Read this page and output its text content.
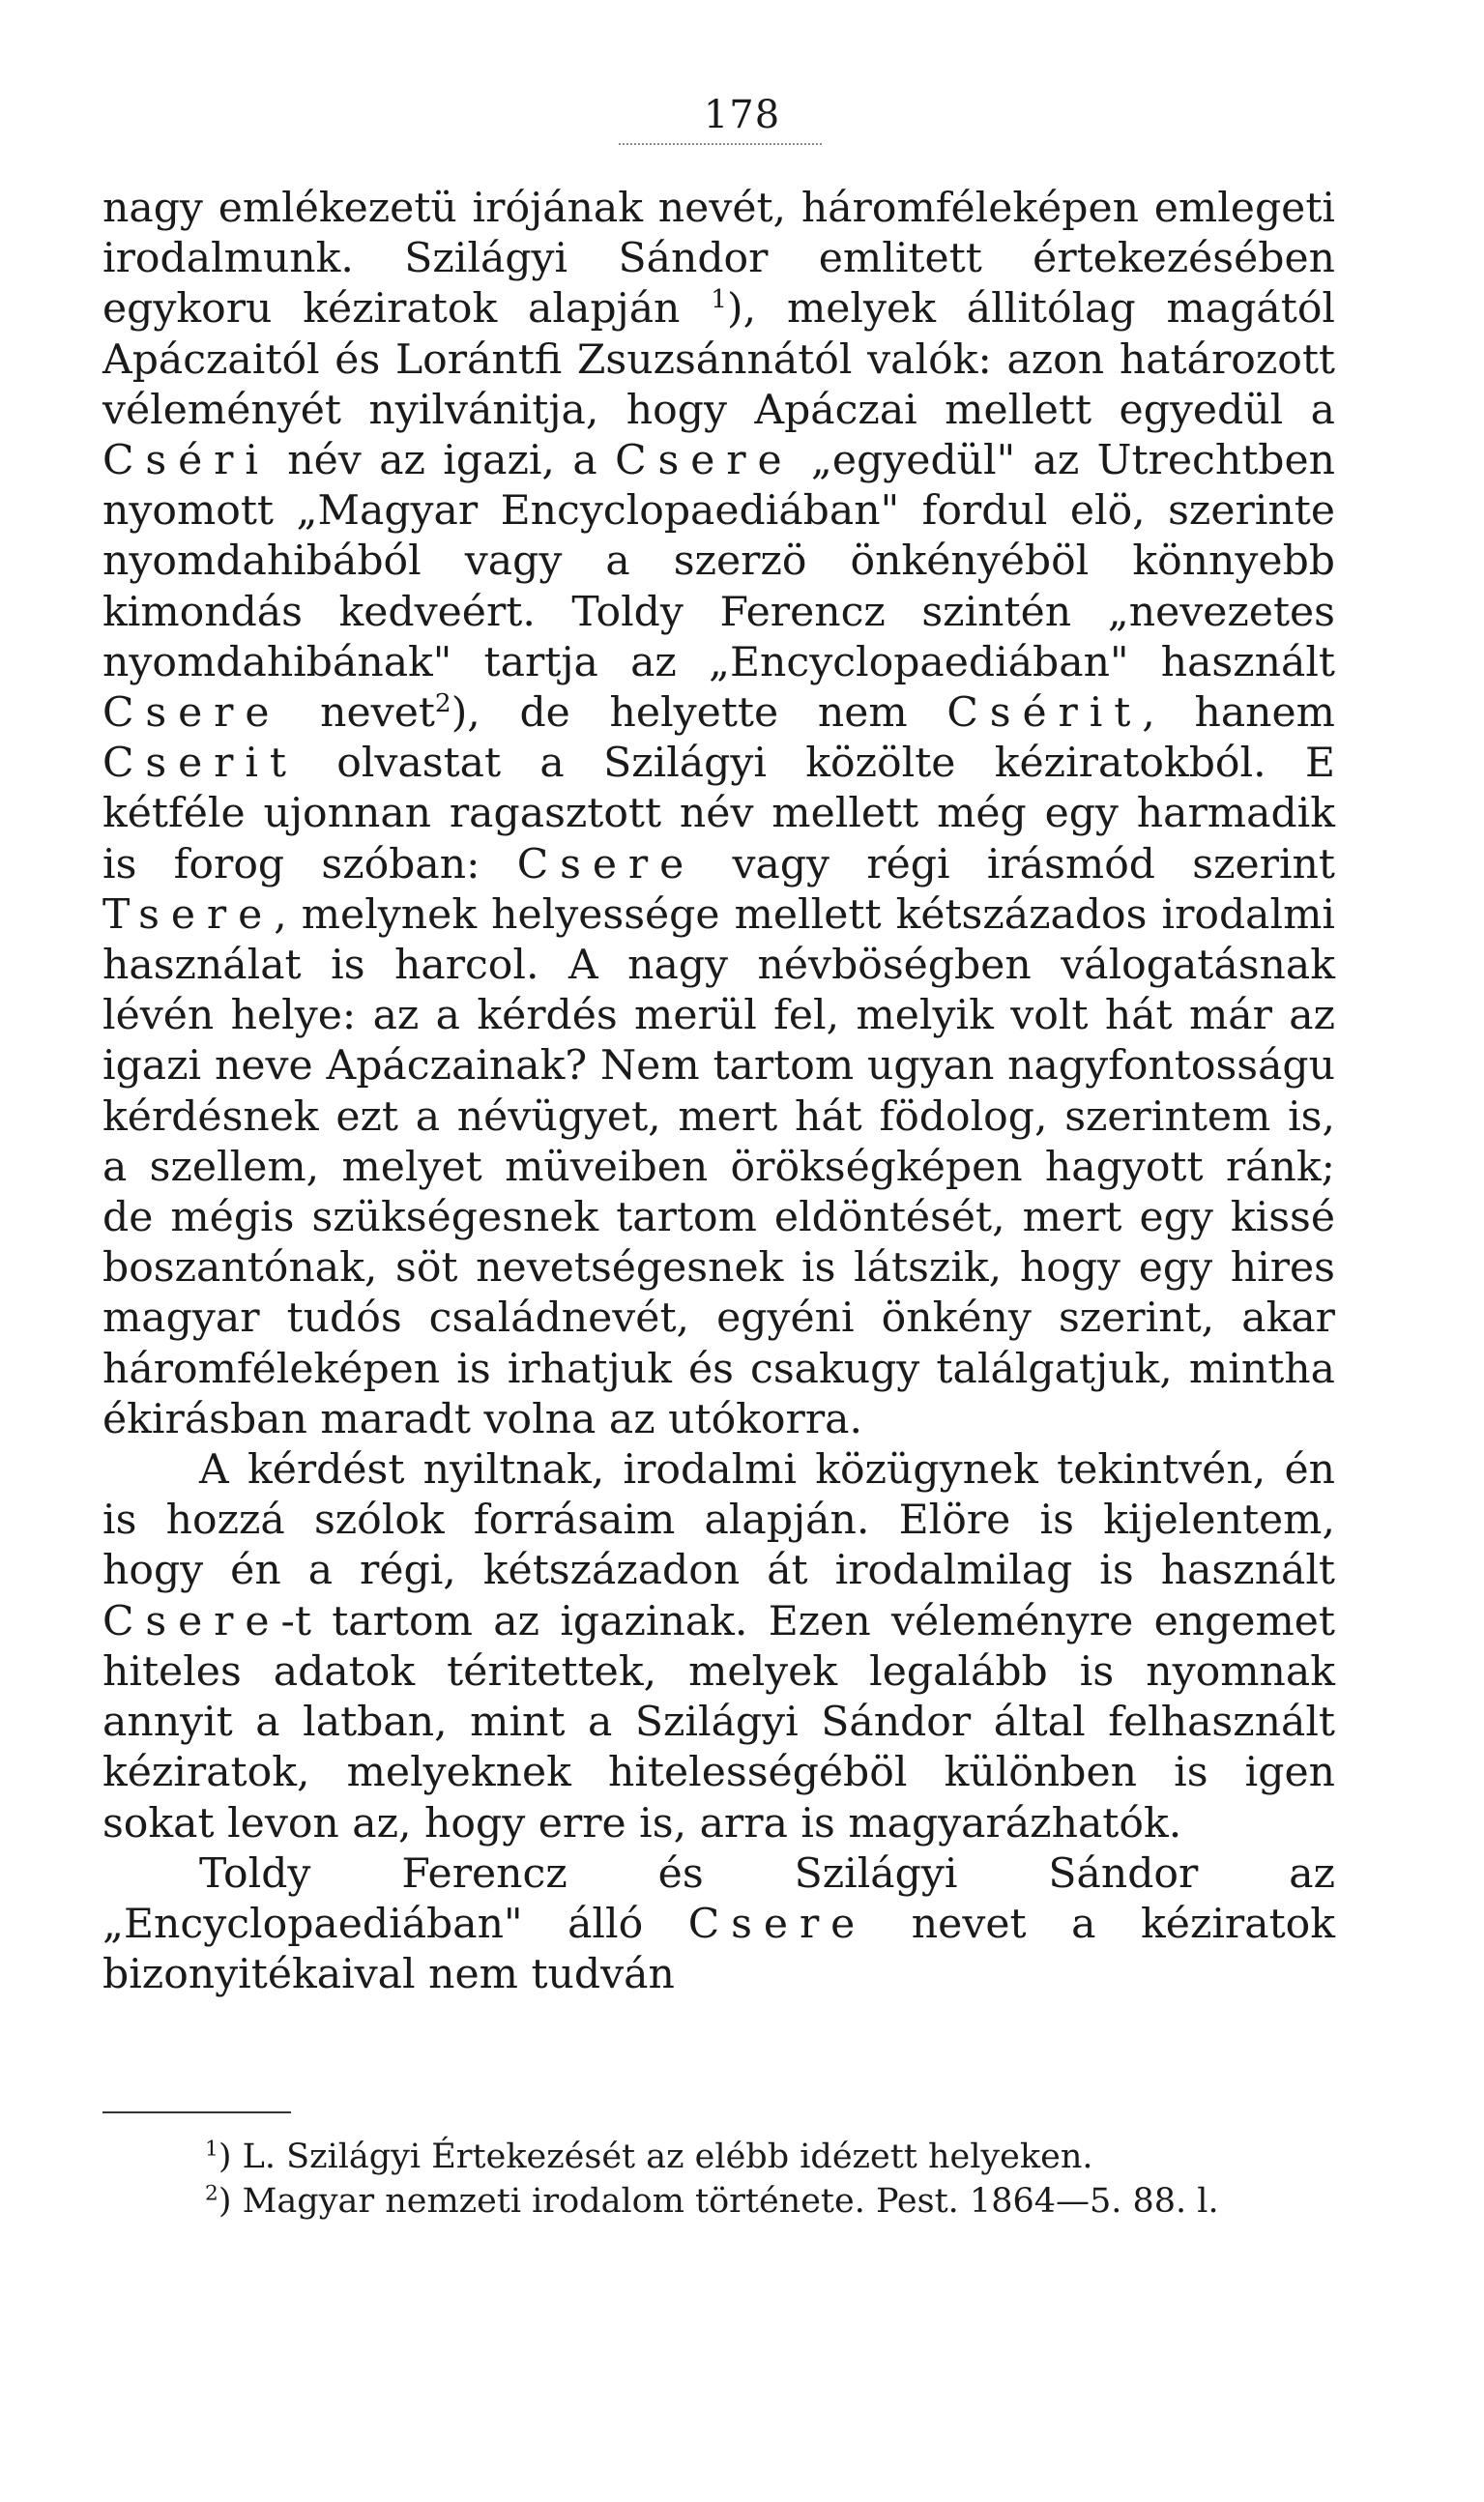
178

nagy emlékezetü irójának nevét, háromféleképen emlegeti irodalmunk. Szilágyi Sándor emlitett értekezésében egykoru kéziratok alapján $^1$), melyek állitólag magától Apáczaitól és Lorántfi Zsuzsánnától valók: azon határozott véleményét nyilvánitja, hogy Apáczai mellett egyedül a Cséri név az igazi, a Csere „egyedül" az Utrechtben nyomott „Magyar Encyclopaediában" fordul elö, szerinte nyomdahibából vagy a szerzö önkényéböl könnyebb kimondás kedveért. Toldy Ferencz szintén „nevezetes nyomdahibának" tartja az „Encyclopaediában" használt Csere nevet$^2$), de helyette nem Csérit, hanem Cserit olvastat a Szilágyi közölte kéziratokból. E kétféle ujonnan ragasztott név mellett még egy harmadik is forog szóban: Csere vagy régi irásmód szerint Tsere, melynek helyessége mellett kétszázados irodalmi használat is harcol. A nagy névböségben válogatásnak lévén helye: az a kérdés merül fel, melyik volt hát már az igazi neve Apáczainak? Nem tartom ugyan nagyfontosságu kérdésnek ezt a névügyet, mert hát födolog, szerintem is, a szellem, melyet müveiben örökségképen hagyott ránk; de mégis szükségesnek tartom eldöntését, mert egy kissé boszantónak, söt nevetségesnek is látszik, hogy egy hires magyar tudós családnevét, egyéni önkény szerint, akar háromféleképen is irhatjuk és csakugy találgatjuk, mintha ékirásban maradt volna az utókorra.

A kérdést nyiltnak, irodalmi közügynek tekintvén, én is hozzá szólok forrásaim alapján. Elöre is kijelentem, hogy én a régi, kétszázadon át irodalmilag is használt Csere-t tartom az igazinak. Ezen véleményre engemet hiteles adatok téritettek, melyek legalább is nyomnak annyit a latban, mint a Szilágyi Sándor által felhasznált kéziratok, melyeknek hitelességéböl különben is igen sokat levon az, hogy erre is, arra is magyarázhatók.

Toldy Ferencz és Szilágyi Sándor az „Encyclopaediában" álló Csere nevet a kéziratok bizonyitékaival nem tudván

$^1$) L. Szilágyi Értekezését az elébb idézett helyeken.

$^2$) Magyar nemzeti irodalom története. Pest. 1864—5. 88. l.
